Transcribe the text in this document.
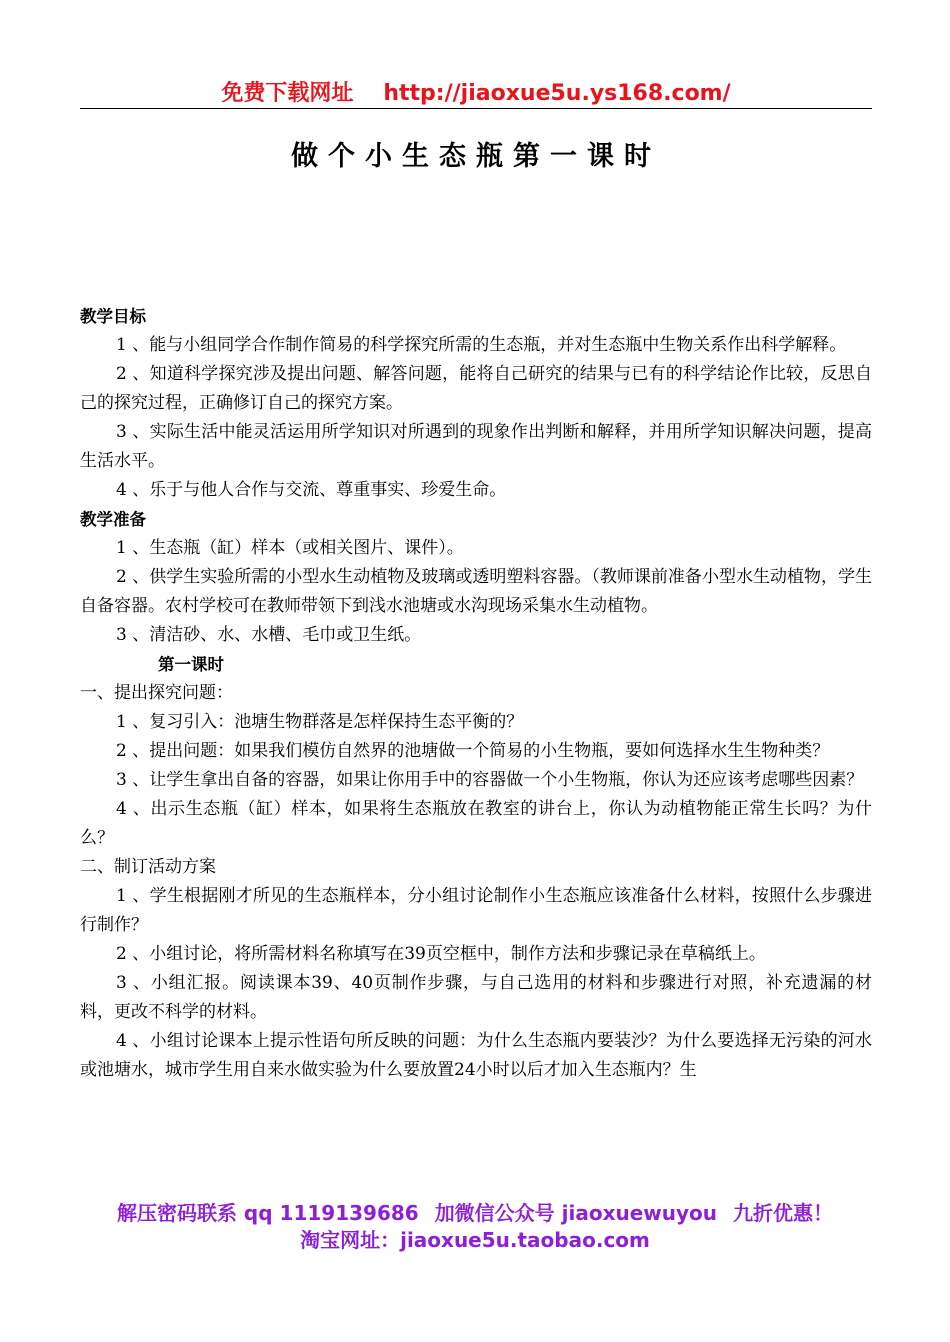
免费下载网址 http://jiaoxue5u.ys168.com/
做个小生态瓶第一课时

教学目标

1 、能与小组同学合作制作简易的科学探究所需的生态瓶，并对生态瓶中生物关系作出科学解释。

2 、知道科学探究涉及提出问题、解答问题，能将自己研究的结果与已有的科学结论作比较，反思自己的探究过程，正确修订自己的探究方案。

3 、实际生活中能灵活运用所学知识对所遇到的现象作出判断和解释，并用所学知识解决问题，提高生活水平。

4 、乐于与他人合作与交流、尊重事实、珍爱生命。

教学准备

1 、生态瓶（缸）样本（或相关图片、课件）。

2 、供学生实验所需的小型水生动植物及玻璃或透明塑料容器。（教师课前准备小型水生动植物，学生自备容器。农村学校可在教师带领下到浅水池塘或水沟现场采集水生动植物。

3 、清洁砂、水、水槽、毛巾或卫生纸。

第一课时

一、提出探究问题：

1 、复习引入：池塘生物群落是怎样保持生态平衡的？

2 、提出问题：如果我们模仿自然界的池塘做一个简易的小生物瓶，要如何选择水生生物种类？

3 、让学生拿出自备的容器，如果让你用手中的容器做一个小生物瓶，你认为还应该考虑哪些因素？

4 、出示生态瓶（缸）样本，如果将生态瓶放在教室的讲台上，你认为动植物能正常生长吗？为什么？

二、制订活动方案

1 、学生根据刚才所见的生态瓶样本，分小组讨论制作小生态瓶应该准备什么材料，按照什么步骤进行制作？

2 、小组讨论，将所需材料名称填写在39页空框中，制作方法和步骤记录在草稿纸上。

3 、小组汇报。阅读课本39、40页制作步骤，与自己选用的材料和步骤进行对照，补充遗漏的材料，更改不科学的材料。

4 、小组讨论课本上提示性语句所反映的问题：为什么生态瓶内要装沙？为什么要选择无污染的河水或池塘水，城市学生用自来水做实验为什么要放置24小时以后才加入生态瓶内？生

解压密码联系 qq 1119139686 加微信公众号 jiaoxuewuyou 九折优惠！
淘宝网址：jiaoxue5u.taobao.com
